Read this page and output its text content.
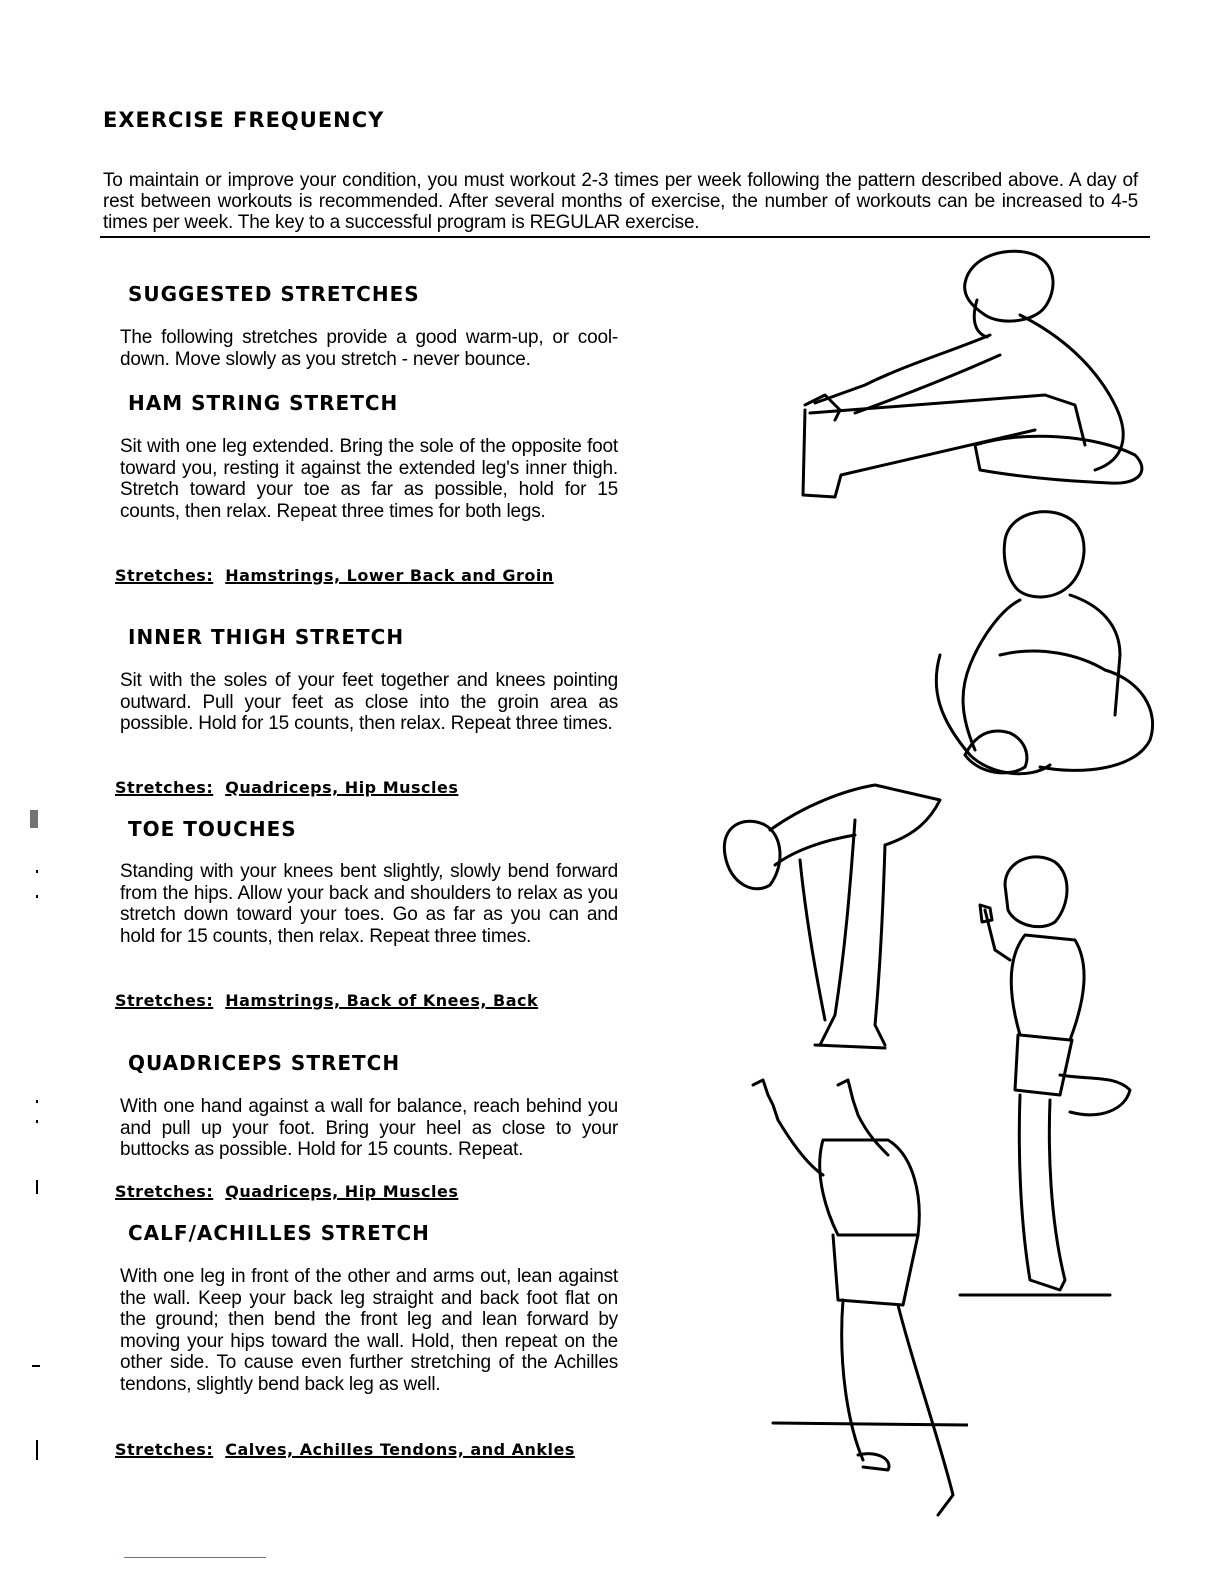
EXERCISE FREQUENCY
To maintain or improve your condition, you must workout 2-3 times per week following the pattern described above. A day of rest between workouts is recommended. After several months of exercise, the number of workouts can be increased to 4-5 times per week. The key to a successful program is REGULAR exercise.
SUGGESTED STRETCHES
The following stretches provide a good warm-up, or cool-down. Move slowly as you stretch - never bounce.
HAM STRING STRETCH
Sit with one leg extended. Bring the sole of the opposite foot toward you, resting it against the extended leg's inner thigh. Stretch toward your toe as far as possible, hold for 15 counts, then relax. Repeat three times for both legs.
Stretches: Hamstrings, Lower Back and Groin
INNER THIGH STRETCH
Sit with the soles of your feet together and knees pointing outward. Pull your feet as close into the groin area as possible. Hold for 15 counts, then relax. Repeat three times.
Stretches: Quadriceps, Hip Muscles
TOE TOUCHES
Standing with your knees bent slightly, slowly bend forward from the hips. Allow your back and shoulders to relax as you stretch down toward your toes. Go as far as you can and hold for 15 counts, then relax. Repeat three times.
Stretches: Hamstrings, Back of Knees, Back
QUADRICEPS STRETCH
With one hand against a wall for balance, reach behind you and pull up your foot. Bring your heel as close to your buttocks as possible. Hold for 15 counts. Repeat.
Stretches: Quadriceps, Hip Muscles
CALF/ACHILLES STRETCH
With one leg in front of the other and arms out, lean against the wall. Keep your back leg straight and back foot flat on the ground; then bend the front leg and lean forward by moving your hips toward the wall. Hold, then repeat on the other side. To cause even further stretching of the Achilles tendons, slightly bend back leg as well.
Stretches: Calves, Achilles Tendons, and Ankles
